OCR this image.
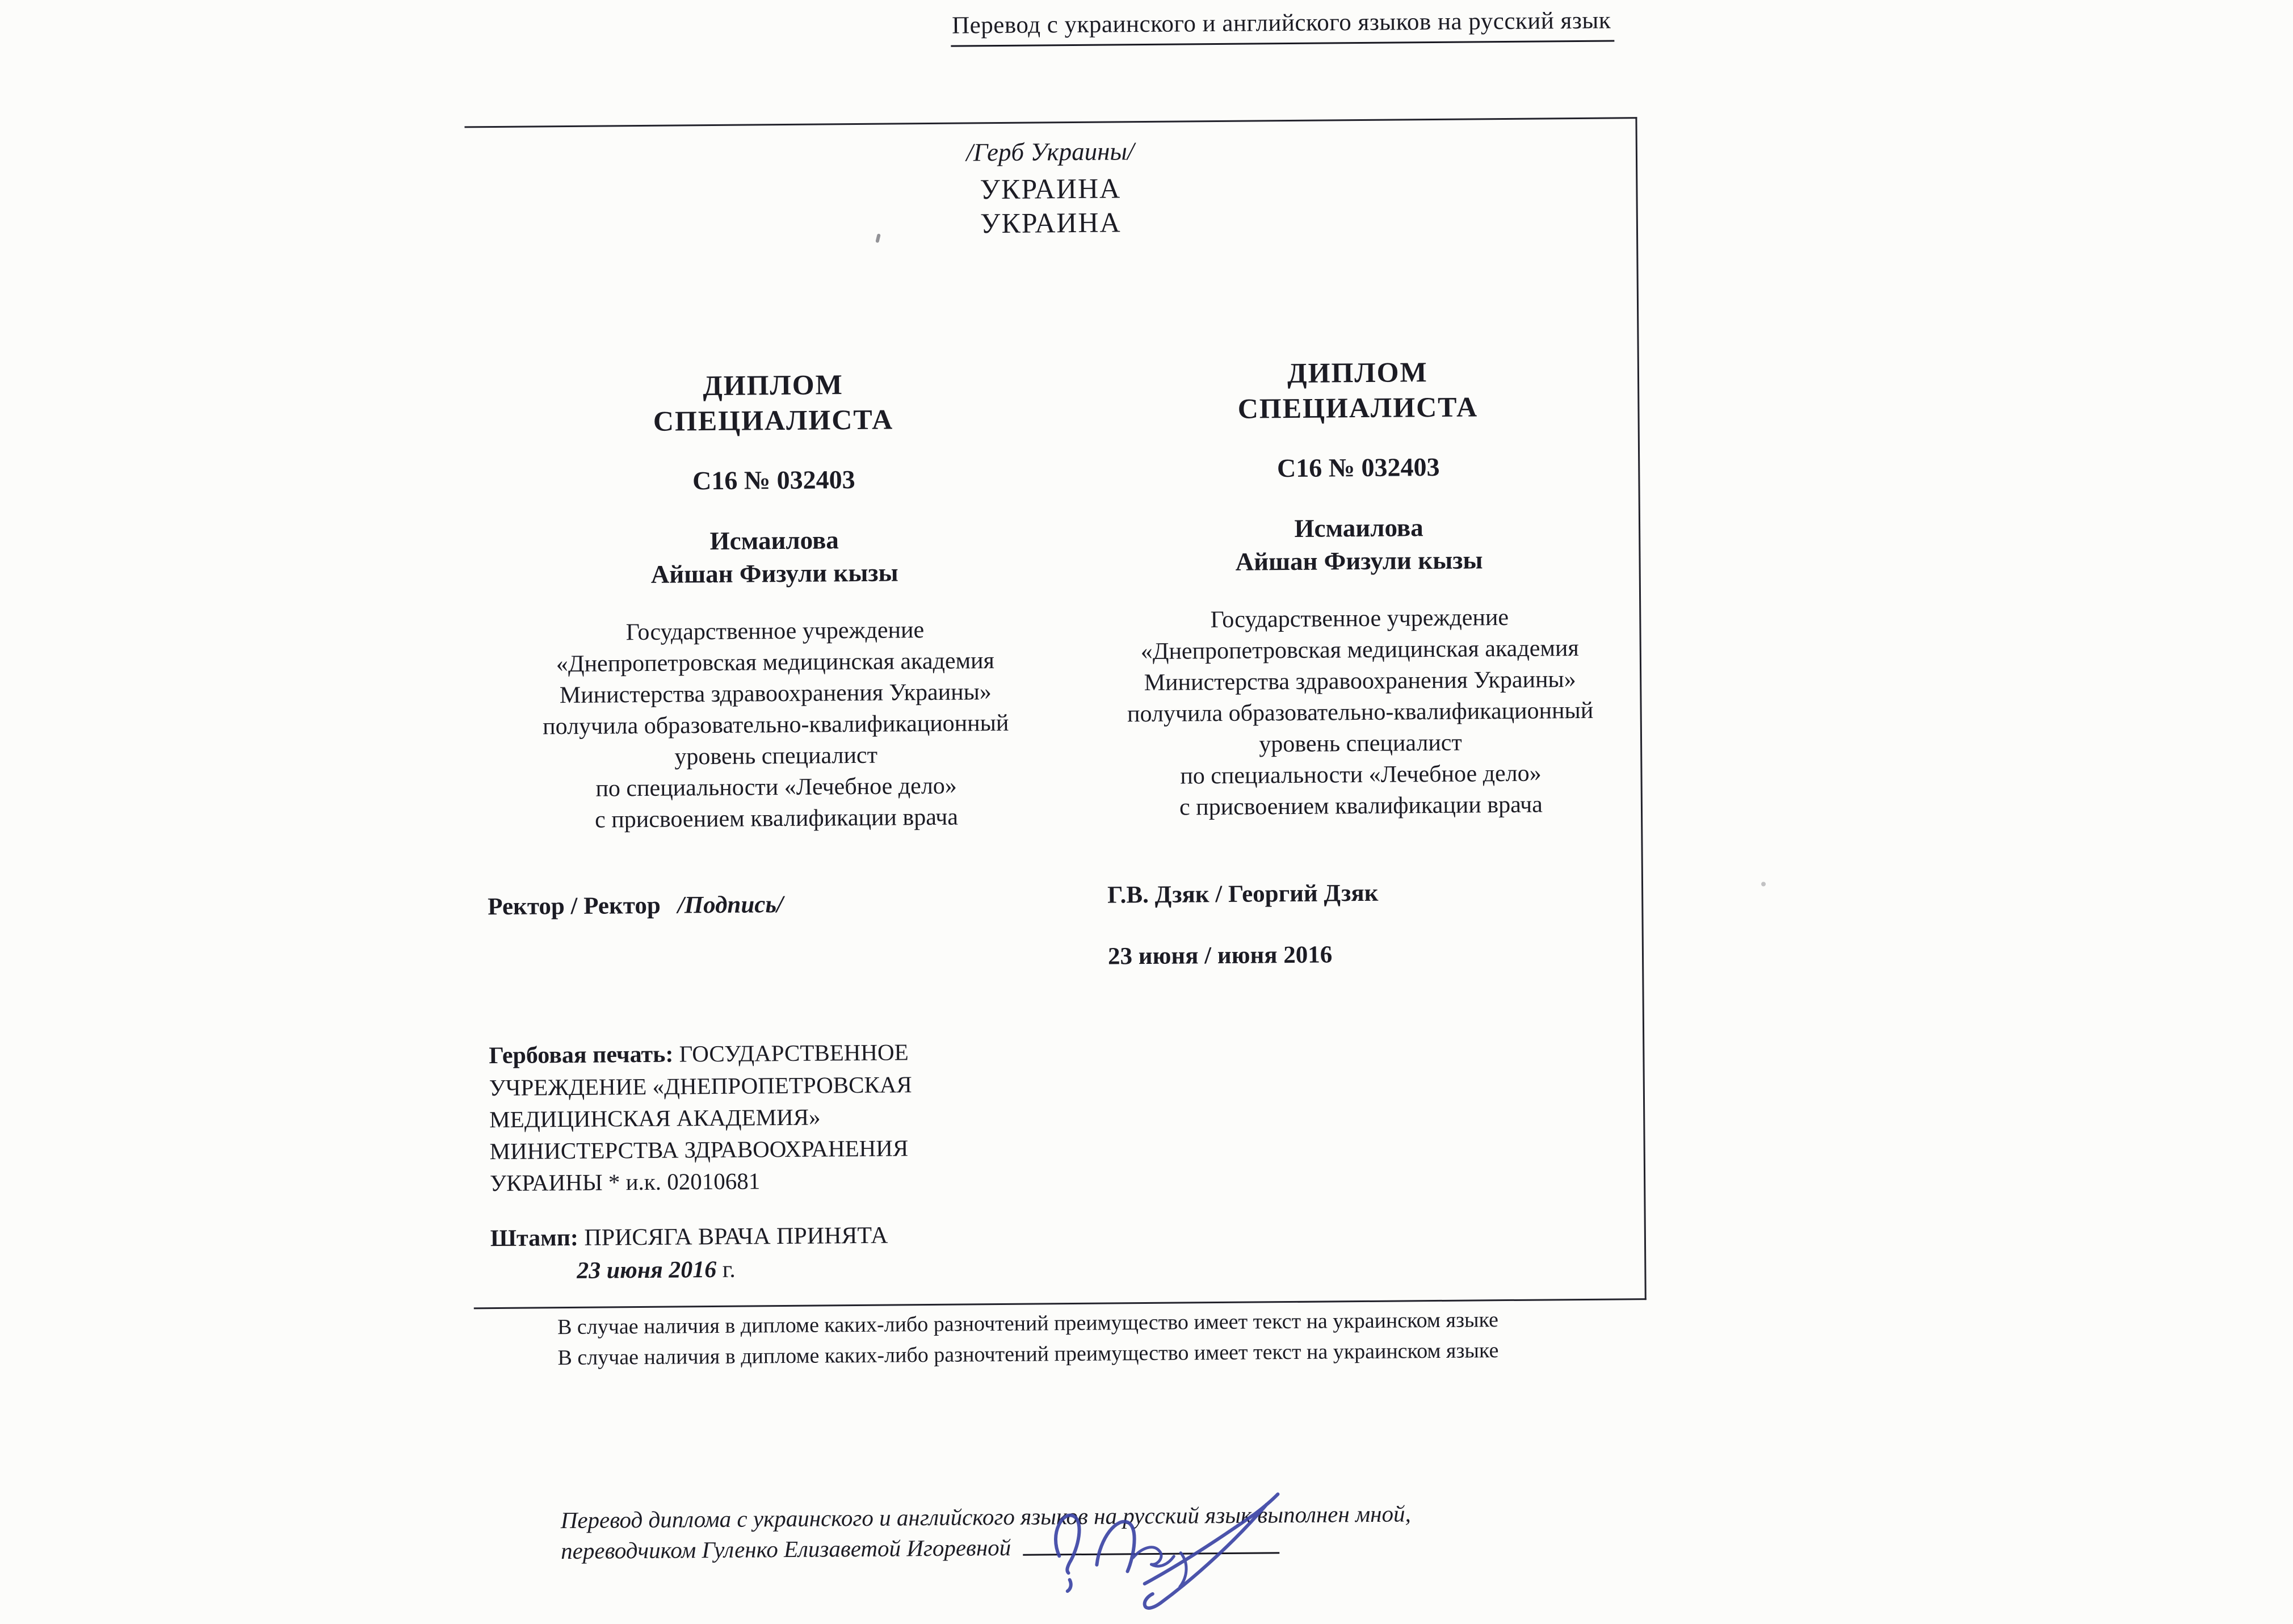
Перевод с украинского и английского языков на русский язык
/Герб Украины/
УКРАИНА
УКРАИНА
ДИПЛОМ
СПЕЦИАЛИСТА
С16 № 032403
Исмаилова
Айшан Физули кызы
Государственное учреждение
«Днепропетровская медицинская академия
Министерства здравоохранения Украины»
получила образовательно-квалификационный
уровень специалист
по специальности «Лечебное дело»
с присвоением квалификации врача
Ректор / Ректор /Подпись/

Гербовая печать: ГОСУДАРСТВЕННОЕ УЧРЕЖДЕНИЕ «ДНЕПРОПЕТРОВСКАЯ МЕДИЦИНСКАЯ АКАДЕМИЯ» МИНИСТЕРСТВА ЗДРАВООХРАНЕНИЯ УКРАИНЫ * и.к. 02010681

Штамп: ПРИСЯГА ВРАЧА ПРИНЯТА
23 июня 2016 г.

ДИПЛОМ
СПЕЦИАЛИСТА
С16 № 032403
Исмаилова
Айшан Физули кызы
Государственное учреждение
«Днепропетровская медицинская академия
Министерства здравоохранения Украины»
получила образовательно-квалификационный
уровень специалист
по специальности «Лечебное дело»
с присвоением квалификации врача
Г.В. Дзяк / Георгий Дзяк
23 июня / июня 2016
В случае наличия в дипломе каких-либо разночтений преимущество имеет текст на украинском языке
В случае наличия в дипломе каких-либо разночтений преимущество имеет текст на украинском языке
Перевод диплома с украинского и английского языков на русский язык выполнен мной,
переводчиком Гуленко Елизаветой Игоревной
